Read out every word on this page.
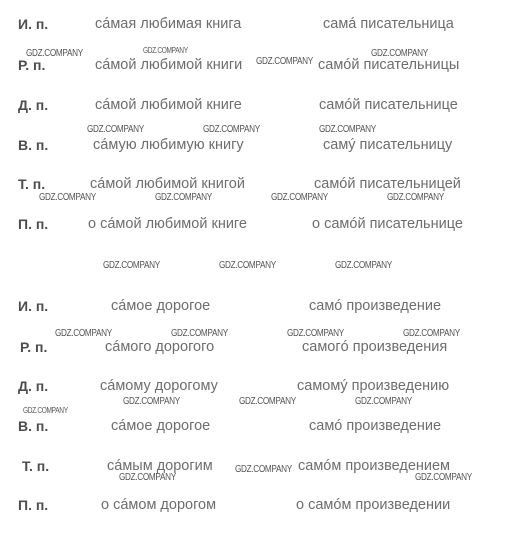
И. п.	сáмая любимая книга	самá писательница
Р. п.	сáмой любимой книги	самóй писательницы
Д. п.	сáмой любимой книге	самóй писательнице
В. п.	сáмую любимую книгу	самý писательницу
Т. п.	сáмой любимой книгой	самóй писательницей
П. п.	о сáмой любимой книге	о самóй писательнице
И. п.	сáмое дорогое	самó произведение
Р. п.	сáмого дорогого	самогó произведения
Д. п.	сáмому дорогому	самомý произведению
В. п.	сáмое дорогое	самó произведение
Т. п.	сáмым дорогим	самóм произведением
П. п.	о сáмом дорогом	о самóм произведении
GDZ.COMPANY	GDZ.COMPANY
GDZ.COMPANY
GDZ.COMPANY
GDZ.COMPANY	GDZ.COMPANY	GDZ.COMPANY
GDZ.COMPANY	GDZ.COMPANY	GDZ.COMPANY	GDZ.COMPANY
GDZ.COMPANY	GDZ.COMPANY	GDZ.COMPANY
GDZ.COMPANY	GDZ.COMPANY	GDZ.COMPANY	GDZ.COMPANY
GDZ.COMPANY	GDZ.COMPANY	GDZ.COMPANY
GDZ.COMPANY
GDZ.COMPANY
GDZ.COMPANY	GDZ.COMPANY
